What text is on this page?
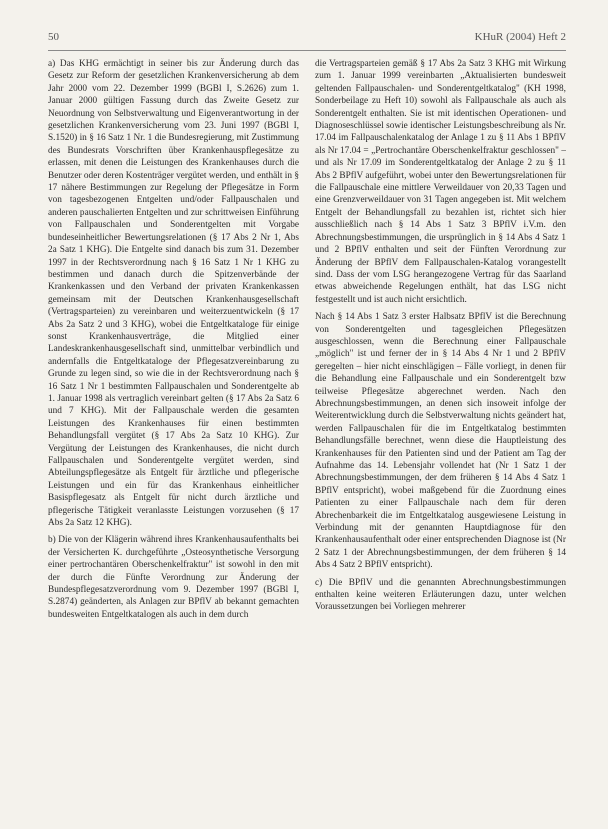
50	KHuR (2004) Heft 2

a) Das KHG ermächtigt in seiner bis zur Änderung durch das Gesetz zur Reform der gesetzlichen Krankenversicherung ab dem Jahr 2000 vom 22. Dezember 1999 (BGBl I, S.2626) zum 1. Januar 2000 gültigen Fassung durch das Zweite Gesetz zur Neuordnung von Selbstverwaltung und Eigenverantwortung in der gesetzlichen Krankenversicherung vom 23. Juni 1997 (BGBl I, S.1520) in § 16 Satz 1 Nr. 1 die Bundesregierung, mit Zustimmung des Bundesrats Vorschriften über Krankenhauspflegesätze zu erlassen, mit denen die Leistungen des Krankenhauses durch die Benutzer oder deren Kostenträger vergütet werden, und enthält in § 17 nähere Bestimmungen zur Regelung der Pflegesätze in Form von tagesbezogenen Entgelten und/oder Fallpauschalen und anderen pauschalierten Entgelten und zur schrittweisen Einführung von Fallpauschalen und Sonderentgelten mit Vorgabe bundeseinheitlicher Bewertungsrelationen (§ 17 Abs 2 Nr 1, Abs 2a Satz 1 KHG). Die Entgelte sind danach bis zum 31. Dezember 1997 in der Rechtsverordnung nach § 16 Satz 1 Nr 1 KHG zu bestimmen und danach durch die Spitzenverbände der Krankenkassen und den Verband der privaten Krankenkassen gemeinsam mit der Deutschen Krankenhausgesellschaft (Vertragsparteien) zu vereinbaren und weiterzuentwickeln (§ 17 Abs 2a Satz 2 und 3 KHG), wobei die Entgeltkataloge für einige sonst Krankenhausverträge, die Mitglied einer Landeskrankenhausgesellschaft sind, unmittelbar verbindlich und andernfalls die Entgeltkataloge der Pflegesatzvereinbarung zu Grunde zu legen sind, so wie die in der Rechtsverordnung nach § 16 Satz 1 Nr 1 bestimmten Fallpauschalen und Sonderentgelte ab 1. Januar 1998 als vertraglich vereinbart gelten (§ 17 Abs 2a Satz 6 und 7 KHG). Mit der Fallpauschale werden die gesamten Leistungen des Krankenhauses für einen bestimmten Behandlungsfall vergütet (§ 17 Abs 2a Satz 10 KHG). Zur Vergütung der Leistungen des Krankenhauses, die nicht durch Fallpauschalen und Sonderentgelte vergütet werden, sind Abteilungspflegesätze als Entgelt für ärztliche und pflegerische Leistungen und ein für das Krankenhaus einheitlicher Basispflegesatz als Entgelt für nicht durch ärztliche und pflegerische Tätigkeit veranlasste Leistungen vorzusehen (§ 17 Abs 2a Satz 12 KHG).

b) Die von der Klägerin während ihres Krankenhausaufenthalts bei der Versicherten K. durchgeführte „Osteosynthetische Versorgung einer pertrochantären Oberschenkelfraktur" ist sowohl in den mit der durch die Fünfte Verordnung zur Änderung der Bundespflegesatzverordnung vom 9. Dezember 1997 (BGBl I, S.2874) geänderten, als Anlagen zur BPflV ab bekannt gemachten bundesweiten Entgeltkatalogen als auch in dem durch

die Vertragsparteien gemäß § 17 Abs 2a Satz 3 KHG mit Wirkung zum 1. Januar 1999 vereinbarten „Aktualisierten bundesweit geltenden Fallpauschalen- und Sonderentgeltkatalog" (KH 1998, Sonderbeilage zu Heft 10) sowohl als Fallpauschale als auch als Sonderentgelt enthalten. Sie ist mit identischen Operationen- und Diagnoseschlüssel sowie identischer Leistungsbeschreibung als Nr. 17.04 im Fallpauschalenkatalog der Anlage 1 zu § 11 Abs 1 BPflV als Nr 17.04 = „Pertrochantäre Oberschenkelfraktur geschlossen" – und als Nr 17.09 im Sonderentgeltkatalog der Anlage 2 zu § 11 Abs 2 BPflV aufgeführt, wobei unter den Bewertungsrelationen für die Fallpauschale eine mittlere Verweildauer von 20,33 Tagen und eine Grenzverweildauer von 31 Tagen angegeben ist. Mit welchem Entgelt der Behandlungsfall zu bezahlen ist, richtet sich hier ausschließlich nach § 14 Abs 1 Satz 3 BPflV i.V.m. den Abrechnungsbestimmungen, die ursprünglich in § 14 Abs 4 Satz 1 und 2 BPflV enthalten und seit der Fünften Verordnung zur Änderung der BPflV dem Fallpauschalen-Katalog vorangestellt sind. Dass der vom LSG herangezogene Vertrag für das Saarland etwas abweichende Regelungen enthält, hat das LSG nicht festgestellt und ist auch nicht ersichtlich.

Nach § 14 Abs 1 Satz 3 erster Halbsatz BPflV ist die Berechnung von Sonderentgelten und tagesgleichen Pflegesätzen ausgeschlossen, wenn die Berechnung einer Fallpauschale „möglich" ist und ferner der in § 14 Abs 4 Nr 1 und 2 BPflV geregelten – hier nicht einschlägigen – Fälle vorliegt, in denen für die Behandlung eine Fallpauschale und ein Sonderentgelt bzw teilweise Pflegesätze abgerechnet werden. Nach den Abrechnungsbestimmungen, an denen sich insoweit infolge der Weiterentwicklung durch die Selbstverwaltung nichts geändert hat, werden Fallpauschalen für die im Entgeltkatalog bestimmten Behandlungsfälle berechnet, wenn diese die Hauptleistung des Krankenhauses für den Patienten sind und der Patient am Tag der Aufnahme das 14. Lebensjahr vollendet hat (Nr 1 Satz 1 der Abrechnungsbestimmungen, der dem früheren § 14 Abs 4 Satz 1 BPflV entspricht), wobei maßgebend für die Zuordnung eines Patienten zu einer Fallpauschale nach dem für deren Abrechenbarkeit die im Entgeltkatalog ausgewiesene Leistung in Verbindung mit der genannten Hauptdiagnose für den Krankenhausaufenthalt oder einer entsprechenden Diagnose ist (Nr 2 Satz 1 der Abrechnungsbestimmungen, der dem früheren § 14 Abs 4 Satz 2 BPflV entspricht).

c) Die BPflV und die genannten Abrechnungsbestimmungen enthalten keine weiteren Erläuterungen dazu, unter welchen Voraussetzungen bei Vorliegen mehrerer
